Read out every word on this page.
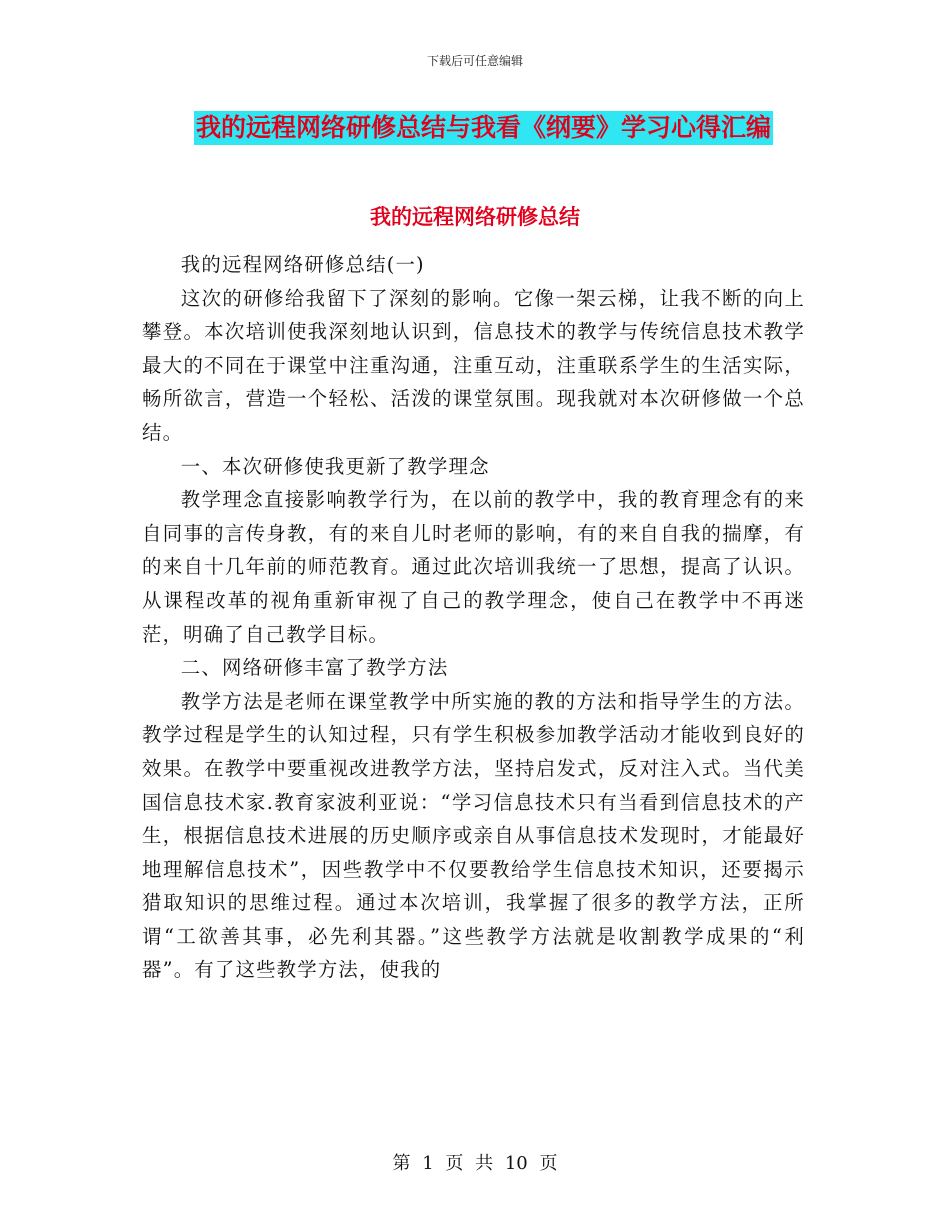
下载后可任意编辑
我的远程网络研修总结与我看《纲要》学习心得汇编
我的远程网络研修总结

我的远程网络研修总结(一)

这次的研修给我留下了深刻的影响。它像一架云梯，让我不断的向上攀登。本次培训使我深刻地认识到，信息技术的教学与传统信息技术教学最大的不同在于课堂中注重沟通，注重互动，注重联系学生的生活实际，畅所欲言，营造一个轻松、活泼的课堂氛围。现我就对本次研修做一个总结。

一、本次研修使我更新了教学理念

教学理念直接影响教学行为，在以前的教学中，我的教育理念有的来自同事的言传身教，有的来自儿时老师的影响，有的来自自我的揣摩，有的来自十几年前的师范教育。通过此次培训我统一了思想，提高了认识。从课程改革的视角重新审视了自己的教学理念，使自己在教学中不再迷茫，明确了自己教学目标。

二、网络研修丰富了教学方法

教学方法是老师在课堂教学中所实施的教的方法和指导学生的方法。教学过程是学生的认知过程，只有学生积极参加教学活动才能收到良好的效果。在教学中要重视改进教学方法，坚持启发式，反对注入式。当代美国信息技术家.教育家波利亚说：“学习信息技术只有当看到信息技术的产生，根据信息技术进展的历史顺序或亲自从事信息技术发现时，才能最好地理解信息技术”，因些教学中不仅要教给学生信息技术知识，还要揭示猎取知识的思维过程。通过本次培训，我掌握了很多的教学方法，正所谓“工欲善其事，必先利其器。”这些教学方法就是收割教学成果的“利器”。有了这些教学方法，使我的

第 1 页 共 10 页
